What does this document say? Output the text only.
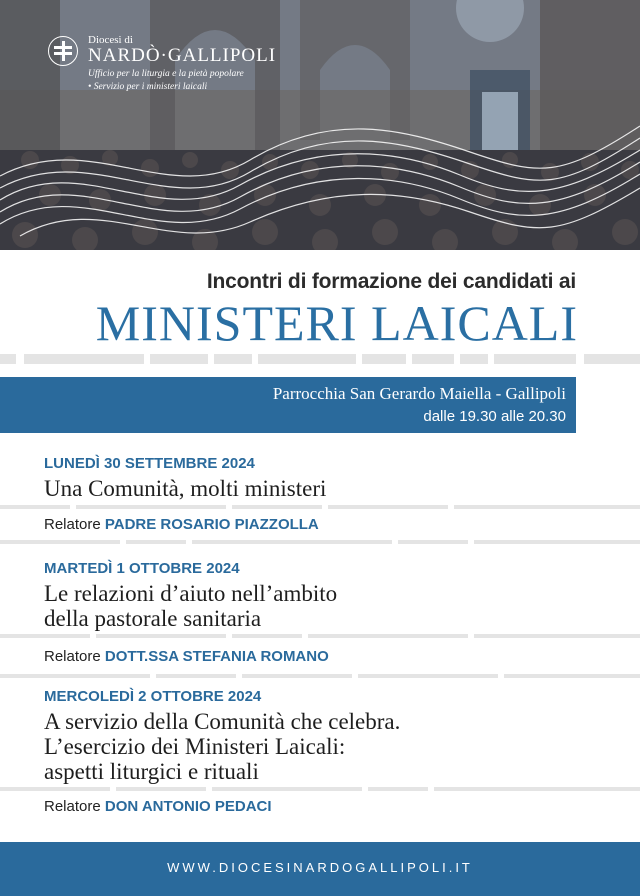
Diocesi di
NARDÒ·GALLIPOLI
Ufficio per la liturgia e la pietà popolare
• Servizio per i ministeri laicali
Incontri di formazione dei candidati ai
MINISTERI LAICALI
Parrocchia San Gerardo Maiella - Gallipoli
dalle 19.30 alle 20.30
LUNEDÌ 30 SETTEMBRE 2024
Una Comunità, molti ministeri
Relatore PADRE ROSARIO PIAZZOLLA
MARTEDÌ 1 OTTOBRE 2024
Le relazioni d’aiuto nell’ambito
della pastorale sanitaria
Relatore DOTT.SSA STEFANIA ROMANO
MERCOLEDÌ 2 OTTOBRE 2024
A servizio della Comunità che celebra.
L’esercizio dei Ministeri Laicali:
aspetti liturgici e rituali
Relatore DON ANTONIO PEDACI
WWW.DIOCESINARDOGALLIPOLI.IT
